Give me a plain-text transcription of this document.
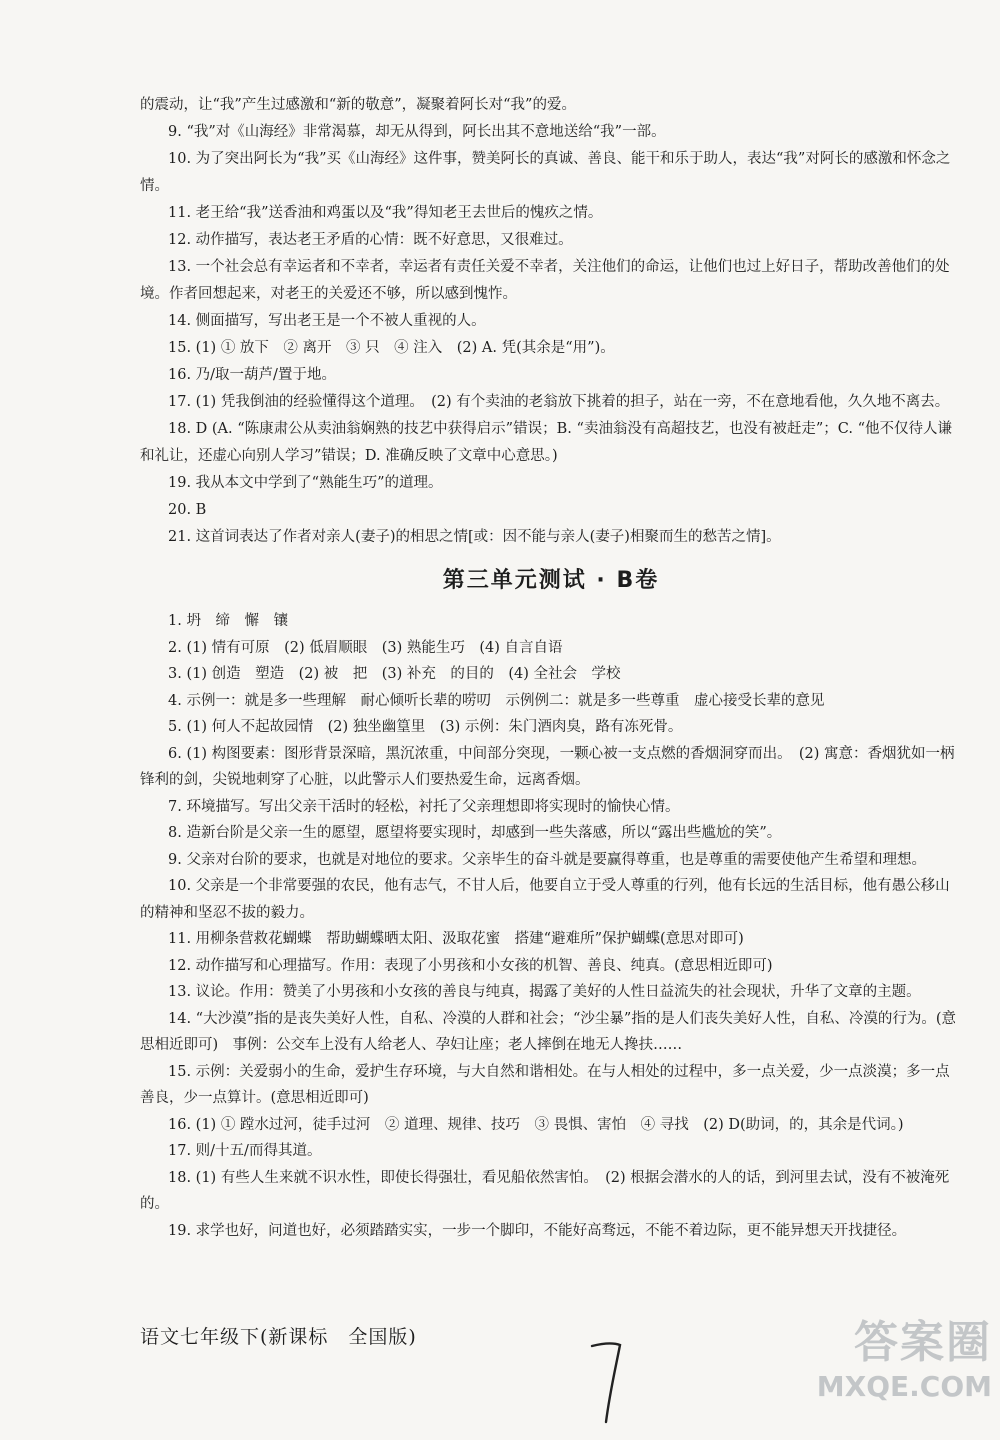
的震动，让“我”产生过感激和“新的敬意”，凝聚着阿长对“我”的爱。

9. “我”对《山海经》非常渴慕，却无从得到，阿长出其不意地送给“我”一部。

10. 为了突出阿长为“我”买《山海经》这件事，赞美阿长的真诚、善良、能干和乐于助人，表达“我”对阿长的感激和怀念之情。

11. 老王给“我”送香油和鸡蛋以及“我”得知老王去世后的愧疚之情。

12. 动作描写，表达老王矛盾的心情：既不好意思，又很难过。

13. 一个社会总有幸运者和不幸者，幸运者有责任关爱不幸者，关注他们的命运，让他们也过上好日子，帮助改善他们的处境。作者回想起来，对老王的关爱还不够，所以感到愧怍。

14. 侧面描写，写出老王是一个不被人重视的人。

15. (1) ① 放下　② 离开　③ 只　④ 注入　(2) A. 凭(其余是“用”)。

16. 乃/取一葫芦/置于地。

17. (1) 凭我倒油的经验懂得这个道理。　(2) 有个卖油的老翁放下挑着的担子，站在一旁，不在意地看他，久久地不离去。

18. D (A. “陈康肃公从卖油翁娴熟的技艺中获得启示”错误；B. “卖油翁没有高超技艺，也没有被赶走”；C. “他不仅待人谦和礼让，还虚心向别人学习”错误；D. 准确反映了文章中心意思。)

19. 我从本文中学到了“熟能生巧”的道理。

20. B

21. 这首词表达了作者对亲人(妻子)的相思之情[或：因不能与亲人(妻子)相聚而生的愁苦之情]。

第三单元测试 · B卷

1. 坍　缔　懈　镶

2. (1) 情有可原　(2) 低眉顺眼　(3) 熟能生巧　(4) 自言自语

3. (1) 创造　塑造　(2) 被　把　(3) 补充　的目的　(4) 全社会　学校

4. 示例一：就是多一些理解　耐心倾听长辈的唠叨　示例例二：就是多一些尊重　虚心接受长辈的意见

5. (1) 何人不起故园情　(2) 独坐幽篁里　(3) 示例：朱门酒肉臭，路有冻死骨。

6. (1) 构图要素：图形背景深暗，黑沉浓重，中间部分突现，一颗心被一支点燃的香烟洞穿而出。　(2) 寓意：香烟犹如一柄锋利的剑，尖锐地刺穿了心脏，以此警示人们要热爱生命，远离香烟。

7. 环境描写。写出父亲干活时的轻松，衬托了父亲理想即将实现时的愉快心情。

8. 造新台阶是父亲一生的愿望，愿望将要实现时，却感到一些失落感，所以“露出些尴尬的笑”。

9. 父亲对台阶的要求，也就是对地位的要求。父亲毕生的奋斗就是要赢得尊重，也是尊重的需要使他产生希望和理想。

10. 父亲是一个非常要强的农民，他有志气，不甘人后，他要自立于受人尊重的行列，他有长远的生活目标，他有愚公移山的精神和坚忍不拔的毅力。

11. 用柳条营救花蝴蝶　帮助蝴蝶晒太阳、汲取花蜜　搭建“避难所”保护蝴蝶(意思对即可)

12. 动作描写和心理描写。作用：表现了小男孩和小女孩的机智、善良、纯真。(意思相近即可)

13. 议论。作用：赞美了小男孩和小女孩的善良与纯真，揭露了美好的人性日益流失的社会现状，升华了文章的主题。

14. “大沙漠”指的是丧失美好人性，自私、冷漠的人群和社会；“沙尘暴”指的是人们丧失美好人性，自私、冷漠的行为。(意思相近即可)　事例：公交车上没有人给老人、孕妇让座；老人摔倒在地无人搀扶……

15. 示例：关爱弱小的生命，爱护生存环境，与大自然和谐相处。在与人相处的过程中，多一点关爱，少一点淡漠；多一点善良，少一点算计。(意思相近即可)

16. (1) ① 蹚水过河，徒手过河　② 道理、规律、技巧　③ 畏惧、害怕　④ 寻找　(2) D(助词，的，其余是代词。)

17. 则/十五/而得其道。

18. (1) 有些人生来就不识水性，即使长得强壮，看见船依然害怕。　(2) 根据会潜水的人的话，到河里去试，没有不被淹死的。

19. 求学也好，问道也好，必须踏踏实实，一步一个脚印，不能好高骛远，不能不着边际，更不能异想天开找捷径。

语文七年级下(新课标　全国版)	答案圈
MXQE.COM
